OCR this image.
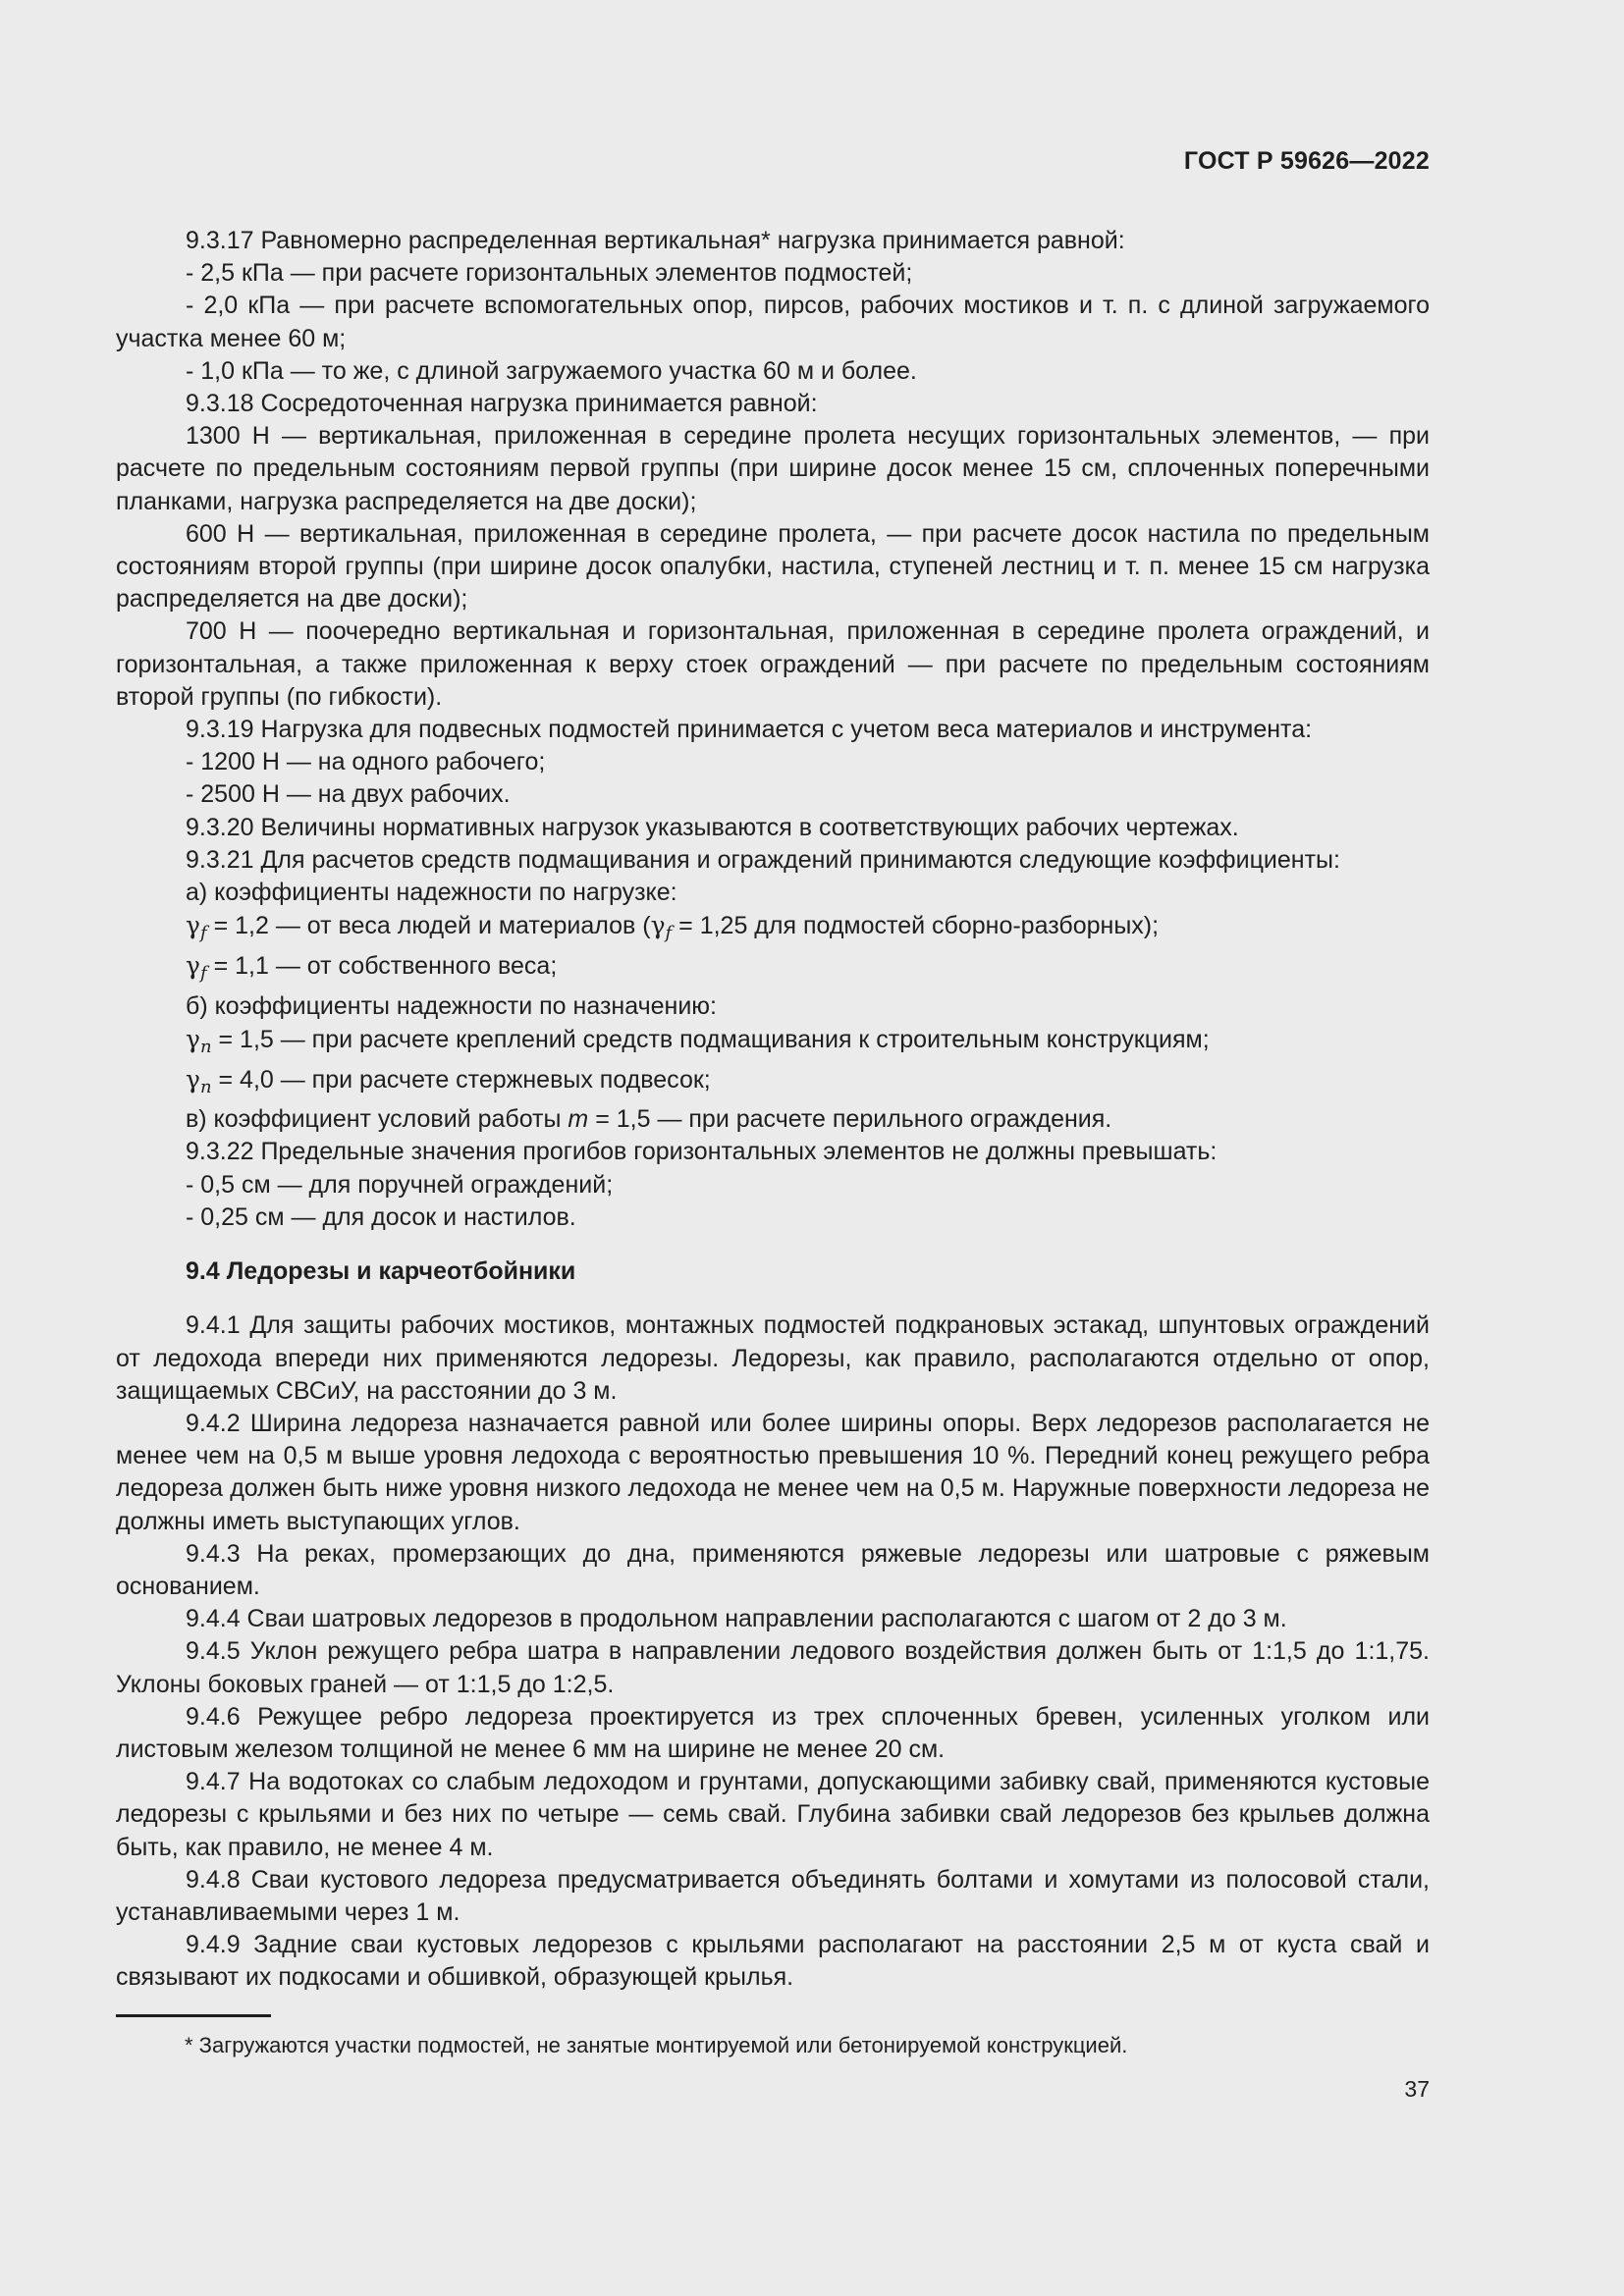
ГОСТ Р 59626—2022

9.3.17 Равномерно распределенная вертикальная* нагрузка принимается равной:

- 2,5 кПа — при расчете горизонтальных элементов подмостей;

- 2,0 кПа — при расчете вспомогательных опор, пирсов, рабочих мостиков и т. п. с длиной загружаемого участка менее 60 м;

- 1,0 кПа — то же, с длиной загружаемого участка 60 м и более.

9.3.18 Сосредоточенная нагрузка принимается равной:

1300 Н — вертикальная, приложенная в середине пролета несущих горизонтальных элементов, — при расчете по предельным состояниям первой группы (при ширине досок менее 15 см, сплоченных поперечными планками, нагрузка распределяется на две доски);

600 Н — вертикальная, приложенная в середине пролета, — при расчете досок настила по предельным состояниям второй группы (при ширине досок опалубки, настила, ступеней лестниц и т. п. менее 15 см нагрузка распределяется на две доски);

700 Н — поочередно вертикальная и горизонтальная, приложенная в середине пролета ограждений, и горизонтальная, а также приложенная к верху стоек ограждений — при расчете по предельным состояниям второй группы (по гибкости).

9.3.19 Нагрузка для подвесных подмостей принимается с учетом веса материалов и инструмента:

- 1200 Н — на одного рабочего;

- 2500 Н — на двух рабочих.

9.3.20 Величины нормативных нагрузок указываются в соответствующих рабочих чертежах.

9.3.21 Для расчетов средств подмащивания и ограждений принимаются следующие коэффициенты:

а) коэффициенты надежности по нагрузке:

$\gamma_f = 1,2$ — от веса людей и материалов ($\gamma_f = 1,25$ для подмостей сборно-разборных);

$\gamma_f = 1,1$ — от собственного веса;

б) коэффициенты надежности по назначению:

$\gamma_n = 1,5$ — при расчете креплений средств подмащивания к строительным конструкциям;

$\gamma_n = 4,0$ — при расчете стержневых подвесок;

в) коэффициент условий работы m = 1,5 — при расчете перильного ограждения.

9.3.22 Предельные значения прогибов горизонтальных элементов не должны превышать:

- 0,5 см — для поручней ограждений;

- 0,25 см — для досок и настилов.

9.4 Ледорезы и карчеотбойники

9.4.1 Для защиты рабочих мостиков, монтажных подмостей подкрановых эстакад, шпунтовых ограждений от ледохода впереди них применяются ледорезы. Ледорезы, как правило, располагаются отдельно от опор, защищаемых СВСиУ, на расстоянии до 3 м.

9.4.2 Ширина ледореза назначается равной или более ширины опоры. Верх ледорезов располагается не менее чем на 0,5 м выше уровня ледохода с вероятностью превышения 10 %. Передний конец режущего ребра ледореза должен быть ниже уровня низкого ледохода не менее чем на 0,5 м. Наружные поверхности ледореза не должны иметь выступающих углов.

9.4.3 На реках, промерзающих до дна, применяются ряжевые ледорезы или шатровые с ряжевым основанием.

9.4.4 Сваи шатровых ледорезов в продольном направлении располагаются с шагом от 2 до 3 м.

9.4.5 Уклон режущего ребра шатра в направлении ледового воздействия должен быть от 1:1,5 до 1:1,75. Уклоны боковых граней — от 1:1,5 до 1:2,5.

9.4.6 Режущее ребро ледореза проектируется из трех сплоченных бревен, усиленных уголком или листовым железом толщиной не менее 6 мм на ширине не менее 20 см.

9.4.7 На водотоках со слабым ледоходом и грунтами, допускающими забивку свай, применяются кустовые ледорезы с крыльями и без них по четыре — семь свай. Глубина забивки свай ледорезов без крыльев должна быть, как правило, не менее 4 м.

9.4.8 Сваи кустового ледореза предусматривается объединять болтами и хомутами из полосовой стали, устанавливаемыми через 1 м.

9.4.9 Задние сваи кустовых ледорезов с крыльями располагают на расстоянии 2,5 м от куста свай и связывают их подкосами и обшивкой, образующей крылья.

* Загружаются участки подмостей, не занятые монтируемой или бетонируемой конструкцией.
37
